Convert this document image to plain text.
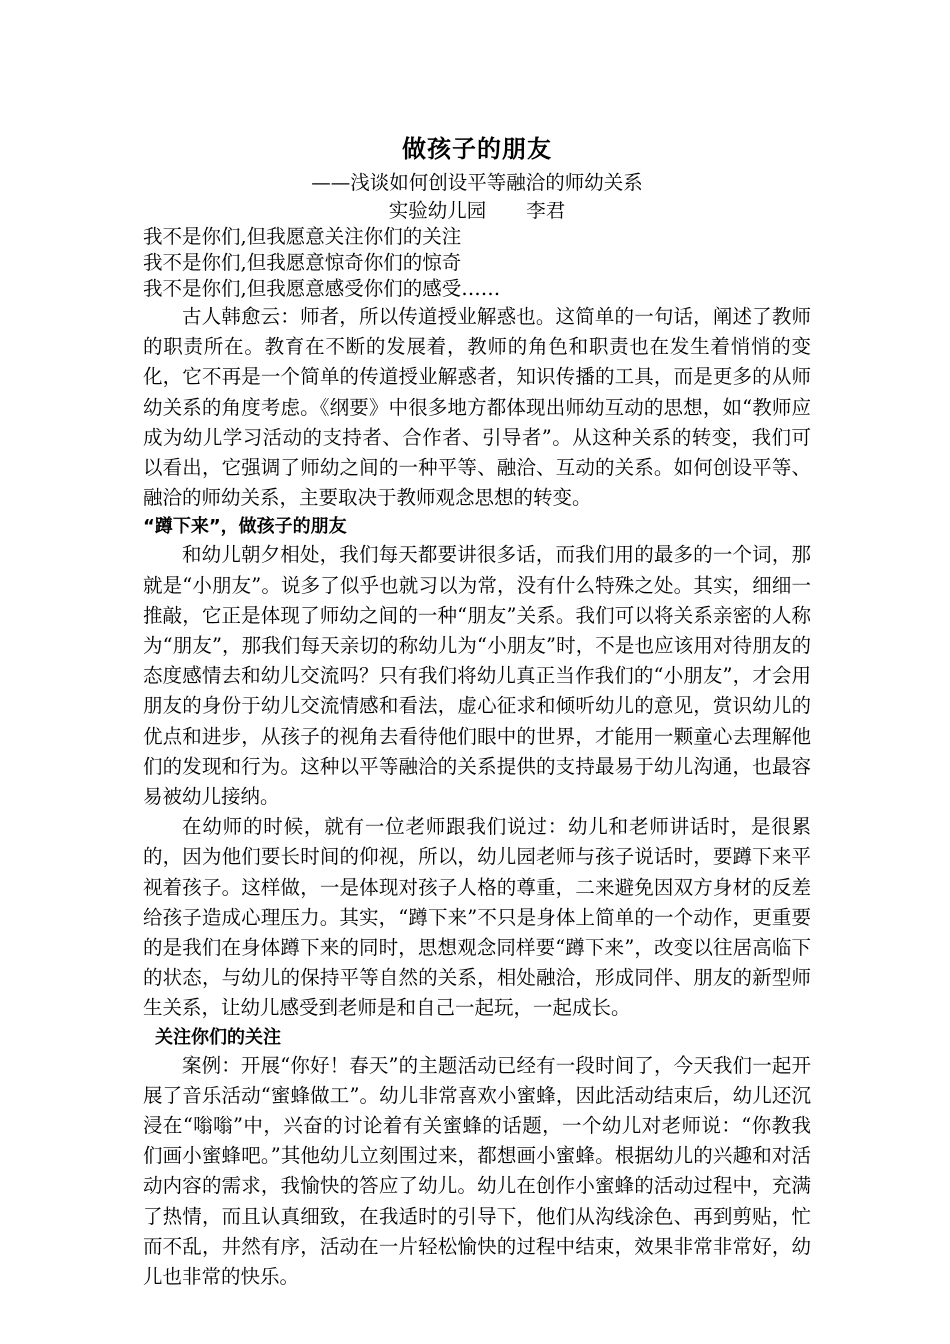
做孩子的朋友

——浅谈如何创设平等融洽的师幼关系

实验幼儿园 李君

我不是你们,但我愿意关注你们的关注

我不是你们,但我愿意惊奇你们的惊奇

我不是你们,但我愿意感受你们的感受……

古人韩愈云：师者，所以传道授业解惑也。这简单的一句话，阐述了教师的职责所在。教育在不断的发展着，教师的角色和职责也在发生着悄悄的变化，它不再是一个简单的传道授业解惑者，知识传播的工具，而是更多的从师幼关系的角度考虑。《纲要》中很多地方都体现出师幼互动的思想，如“教师应成为幼儿学习活动的支持者、合作者、引导者”。从这种关系的转变，我们可以看出，它强调了师幼之间的一种平等、融洽、互动的关系。如何创设平等、融洽的师幼关系，主要取决于教师观念思想的转变。

“蹲下来”，做孩子的朋友

和幼儿朝夕相处，我们每天都要讲很多话，而我们用的最多的一个词，那就是“小朋友”。说多了似乎也就习以为常，没有什么特殊之处。其实，细细一推敲，它正是体现了师幼之间的一种“朋友”关系。我们可以将关系亲密的人称为“朋友”，那我们每天亲切的称幼儿为“小朋友”时，不是也应该用对待朋友的态度感情去和幼儿交流吗？只有我们将幼儿真正当作我们的“小朋友”，才会用朋友的身份于幼儿交流情感和看法，虚心征求和倾听幼儿的意见，赏识幼儿的优点和进步，从孩子的视角去看待他们眼中的世界，才能用一颗童心去理解他们的发现和行为。这种以平等融洽的关系提供的支持最易于幼儿沟通，也最容易被幼儿接纳。

在幼师的时候，就有一位老师跟我们说过：幼儿和老师讲话时，是很累的，因为他们要长时间的仰视，所以，幼儿园老师与孩子说话时，要蹲下来平视着孩子。这样做，一是体现对孩子人格的尊重，二来避免因双方身材的反差给孩子造成心理压力。其实，“蹲下来”不只是身体上简单的一个动作，更重要的是我们在身体蹲下来的同时，思想观念同样要“蹲下来”，改变以往居高临下的状态，与幼儿的保持平等自然的关系，相处融洽，形成同伴、朋友的新型师生关系，让幼儿感受到老师是和自己一起玩，一起成长。

关注你们的关注

案例：开展“你好！春天”的主题活动已经有一段时间了，今天我们一起开展了音乐活动“蜜蜂做工”。幼儿非常喜欢小蜜蜂，因此活动结束后，幼儿还沉浸在“嗡嗡”中，兴奋的讨论着有关蜜蜂的话题，一个幼儿对老师说：“你教我们画小蜜蜂吧。”其他幼儿立刻围过来，都想画小蜜蜂。根据幼儿的兴趣和对活动内容的需求，我愉快的答应了幼儿。幼儿在创作小蜜蜂的活动过程中，充满了热情，而且认真细致，在我适时的引导下，他们从沟线涂色、再到剪贴，忙而不乱，井然有序，活动在一片轻松愉快的过程中结束，效果非常非常好，幼儿也非常的快乐。
